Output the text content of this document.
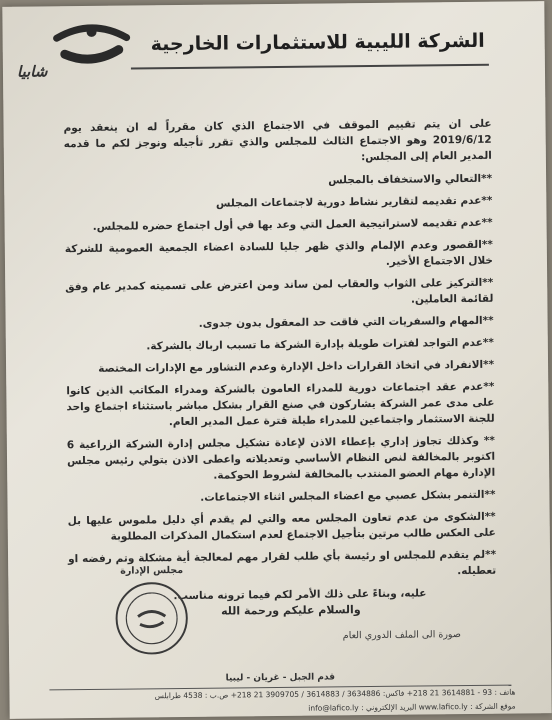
شابيا
الشركة الليبية للاستثمارات الخارجية

على ان يتم تقييم الموقف في الاجتماع الذي كان مقرراً له ان ينعقد يوم 2019/6/12 وهو الاجتماع الثالث للمجلس والذي تقرر تأجيله ونوجز لكم ما قدمه المدير العام إلى المجلس:

**التعالي والاستخفاف بالمجلس
**عدم تقديمه لتقارير نشاط دورية لاجتماعات المجلس
**عدم تقديمه لاستراتيجية العمل التي وعد بها في أول اجتماع حضره للمجلس.
**القصور وعدم الإلمام والذي ظهر جليا للسادة اعضاء الجمعية العمومية للشركة خلال الاجتماع الأخير.
**التركيز على الثواب والعقاب لمن ساند ومن اعترض على تسميته كمدير عام وفق لقائمة العاملين.
**المهام والسفريات التي فاقت حد المعقول بدون جدوى.
**عدم التواجد لفترات طويلة بإدارة الشركة ما تسبب ارباك بالشركة.
**الانفراد في اتخاذ القرارات داخل الإدارة وعدم التشاور مع الإدارات المختصة
**عدم عقد اجتماعات دورية للمدراء العامون بالشركة ومدراء المكاتب الذين كانوا على مدى عمر الشركة يشاركون في صنع القرار بشكل مباشر باستثناء اجتماع واحد للجنة الاستثمار واجتماعين للمدراء طيلة فترة عمل المدير العام.
** وكذلك تجاوز إداري بإعطاء الاذن لإعادة تشكيل مجلس إدارة الشركة الزراعية 6 اكتوبر بالمخالفة لنص النظام الأساسي وتعديلاته واعطى الاذن بتولي رئيس مجلس الإدارة مهام العضو المنتدب بالمخالفة لشروط الحوكمة.
**التنمر بشكل عصبي مع اعضاء المجلس اثناء الاجتماعات.
**الشكوى من عدم تعاون المجلس معه والتي لم يقدم أي دليل ملموس عليها بل على العكس طالب مرتين بتأجيل الاجتماع لعدم استكمال المذكرات المطلوبة
**لم يتقدم للمجلس او رئيسة بأي طلب لقرار مهم لمعالجة أية مشكلة وتم رفضه او تعطيله.

عليه، وبناءً على ذلك الأمر لكم فيما ترونه مناسب.

مجلس الإدارة
والسلام عليكم ورحمة الله
صورة الى الملف الدوري العام
قدم الجبل - غريان - ليبيا
هاتف : 93 - 3614881 21 218+ فاكس: 3634886 / 3614883 / 3909705 21 218+ ص.ب : 4538 طرابلس
موقع الشركة : www.lafico.ly البريد الإلكتروني : info@lafico.ly
